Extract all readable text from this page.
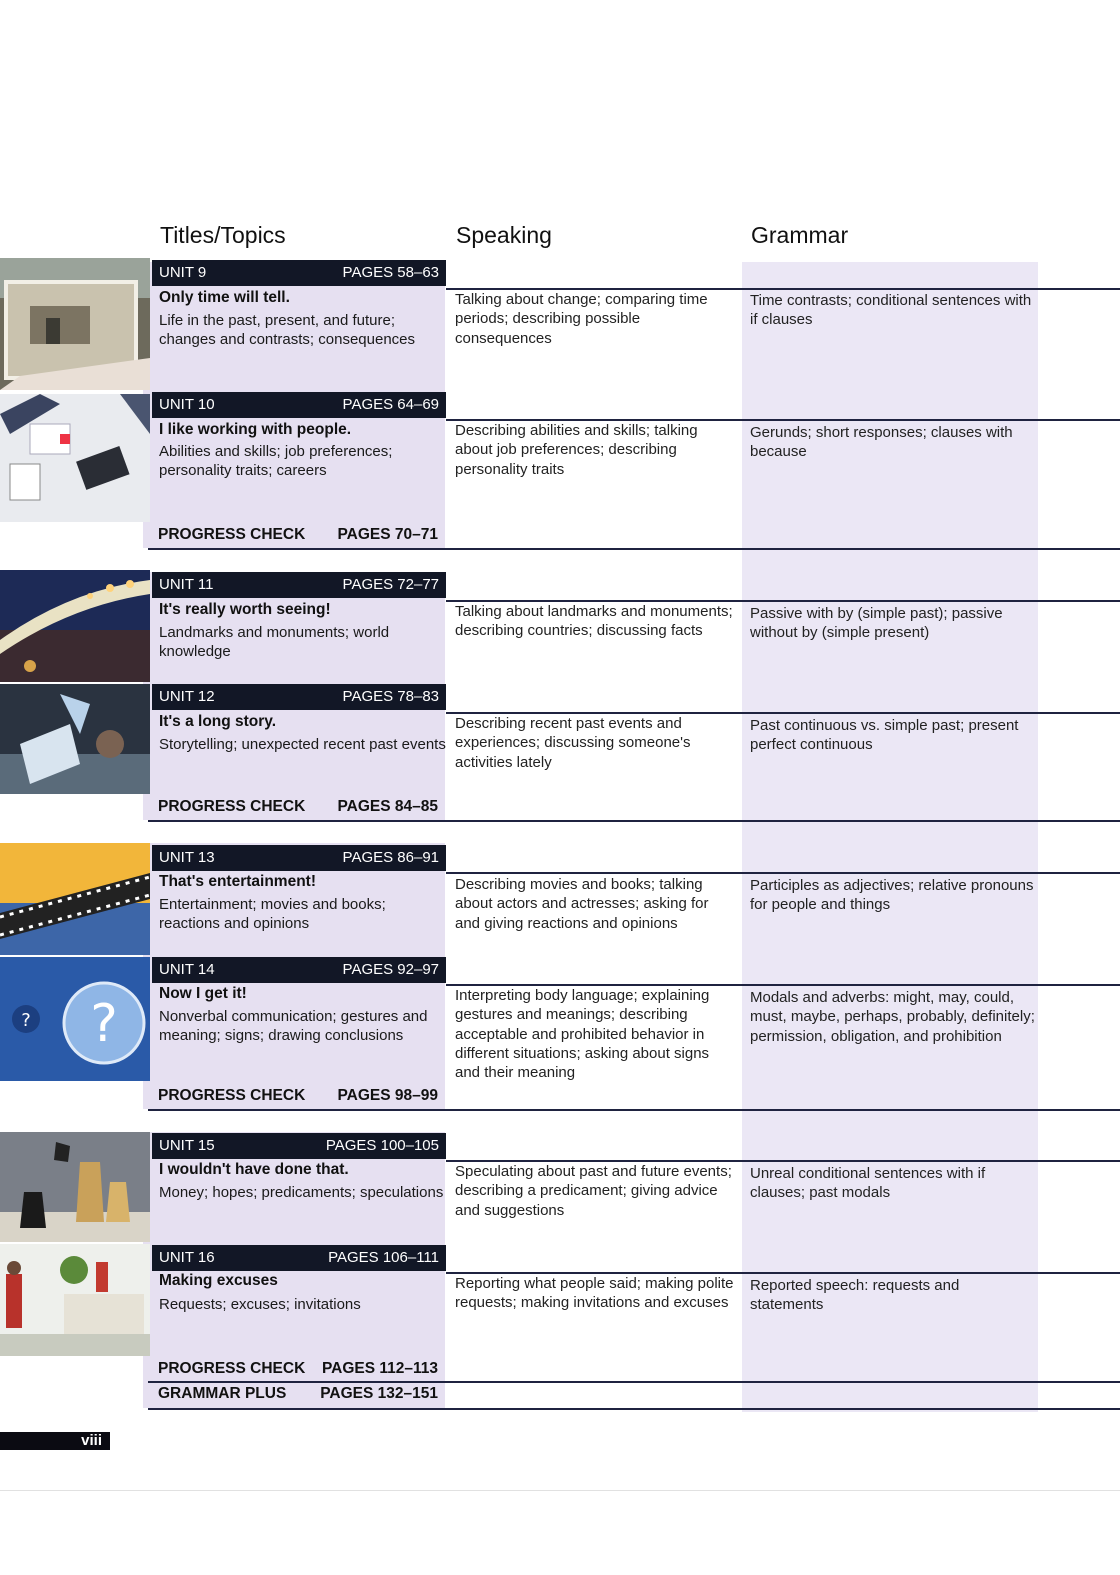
Titles/Topics	Speaking	Grammar
?
?
UNIT 9	PAGES 58–63
Only time will tell.
Life in the past, present, and future; changes and contrasts; consequences
Talking about change; comparing time periods; describing possible consequences
Time contrasts; conditional sentences with if clauses
UNIT 10	PAGES 64–69
I like working with people.
Abilities and skills; job preferences; personality traits; careers
Describing abilities and skills; talking about job preferences; describing personality traits
Gerunds; short responses; clauses with because
PROGRESS CHECK PAGES 70–71
UNIT 11	PAGES 72–77
It's really worth seeing!
Landmarks and monuments; world knowledge
Talking about landmarks and monuments; describing countries; discussing facts
Passive with by (simple past); passive without by (simple present)
UNIT 12	PAGES 78–83
It's a long story.
Storytelling; unexpected recent past events
Describing recent past events and experiences; discussing someone's activities lately
Past continuous vs. simple past; present perfect continuous
PROGRESS CHECK PAGES 84–85
UNIT 13	PAGES 86–91
That's entertainment!
Entertainment; movies and books; reactions and opinions
Describing movies and books; talking about actors and actresses; asking for and giving reactions and opinions
Participles as adjectives; relative pronouns for people and things
UNIT 14	PAGES 92–97
Now I get it!
Nonverbal communication; gestures and meaning; signs; drawing conclusions
Interpreting body language; explaining gestures and meanings; describing acceptable and prohibited behavior in different situations; asking about signs and their meaning
Modals and adverbs: might, may, could, must, maybe, perhaps, probably, definitely; permission, obligation, and prohibition
PROGRESS CHECK PAGES 98–99
UNIT 15	PAGES 100–105
I wouldn't have done that.
Money; hopes; predicaments; speculations
Speculating about past and future events; describing a predicament; giving advice and suggestions
Unreal conditional sentences with if clauses; past modals
UNIT 16	PAGES 106–111
Making excuses
Requests; excuses; invitations
Reporting what people said; making polite requests; making invitations and excuses
Reported speech: requests and statements
PROGRESS CHECK PAGES 112–113
GRAMMAR PLUS PAGES 132–151
viii
